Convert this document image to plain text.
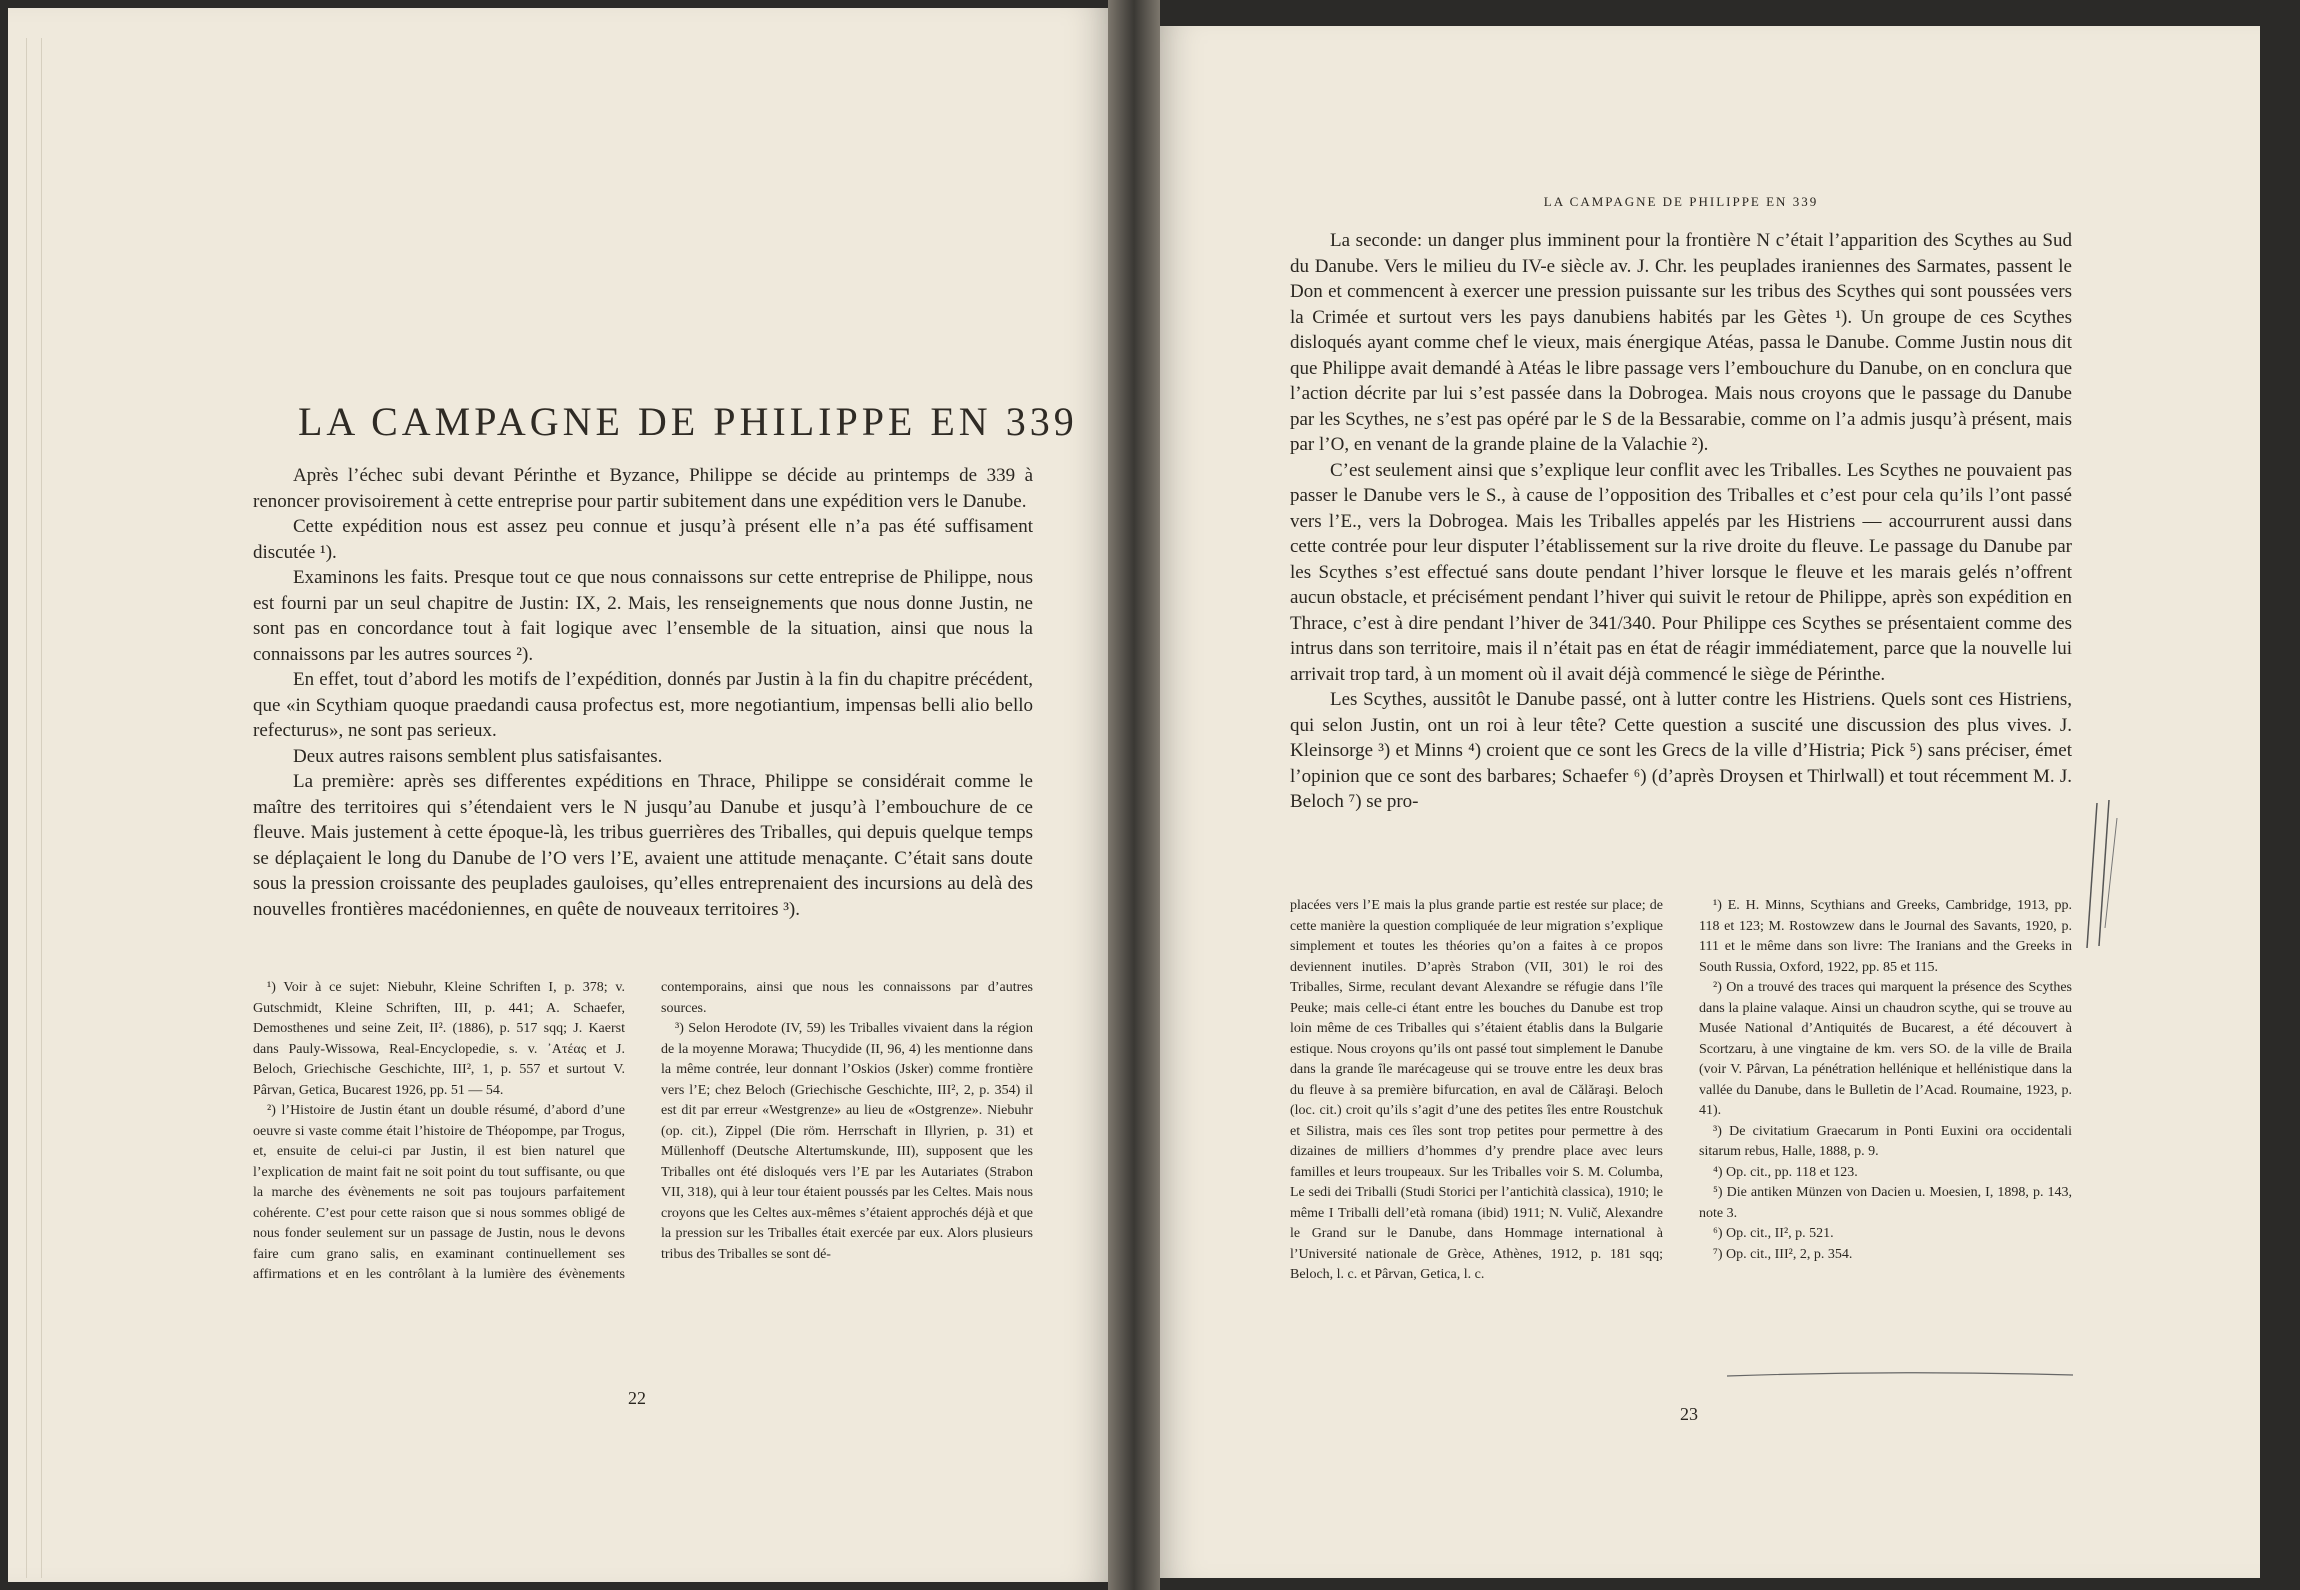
LA CAMPAGNE DE PHILIPPE EN 339

Après l’échec subi devant Périnthe et Byzance, Philippe se décide au printemps de 339 à renoncer provisoirement à cette entreprise pour partir subitement dans une expédition vers le Danube.

Cette expédition nous est assez peu connue et jusqu’à présent elle n’a pas été suffisament discutée ¹).

Examinons les faits. Presque tout ce que nous connaissons sur cette entreprise de Philippe, nous est fourni par un seul chapitre de Justin: IX, 2. Mais, les renseignements que nous donne Justin, ne sont pas en concordance tout à fait logique avec l’ensemble de la situation, ainsi que nous la connaissons par les autres sources ²).

En effet, tout d’abord les motifs de l’expédition, donnés par Justin à la fin du chapitre précédent, que «in Scythiam quoque praedandi causa profectus est, more negotiantium, impensas belli alio bello refecturus», ne sont pas serieux.

Deux autres raisons semblent plus satisfaisantes.

La première: après ses differentes expéditions en Thrace, Philippe se considérait comme le maître des territoires qui s’étendaient vers le N jusqu’au Danube et jusqu’à l’embouchure de ce fleuve. Mais justement à cette époque-là, les tribus guerrières des Triballes, qui depuis quelque temps se déplaçaient le long du Danube de l’O vers l’E, avaient une attitude menaçante. C’était sans doute sous la pression croissante des peuplades gauloises, qu’elles entreprenaient des incursions au delà des nouvelles frontières macédoniennes, en quête de nouveaux territoires ³).

¹) Voir à ce sujet: Niebuhr, Kleine Schriften I, p. 378; v. Gutschmidt, Kleine Schriften, III, p. 441; A. Schaefer, Demosthenes und seine Zeit, II². (1886), p. 517 sqq; J. Kaerst dans Pauly-Wissowa, Real-Encyclopedie, s. v. ᾿Ατέας et J. Beloch, Griechische Geschichte, III², 1, p. 557 et surtout V. Pârvan, Getica, Bucarest 1926, pp. 51 — 54.

²) l’Histoire de Justin étant un double résumé, d’abord d’une oeuvre si vaste comme était l’histoire de Théopompe, par Trogus, et, ensuite de celui-ci par Justin, il est bien naturel que l’explication de maint fait ne soit point du tout suffisante, ou que la marche des évènements ne soit pas toujours parfaitement cohérente. C’est pour cette raison que si nous sommes obligé de nous fonder seulement sur un passage de Justin, nous le devons faire cum grano salis, en examinant continuellement ses affirmations et en les contrôlant à la lumière des évènements contemporains, ainsi que nous les connaissons par d’autres sources.

³) Selon Herodote (IV, 59) les Triballes vivaient dans la région de la moyenne Morawa; Thucydide (II, 96, 4) les mentionne dans la même contrée, leur donnant l’Oskios (Jsker) comme frontière vers l’E; chez Beloch (Griechische Geschichte, III², 2, p. 354) il est dit par erreur «Westgrenze» au lieu de «Ostgrenze». Niebuhr (op. cit.), Zippel (Die röm. Herrschaft in Illyrien, p. 31) et Müllenhoff (Deutsche Altertumskunde, III), supposent que les Triballes ont été disloqués vers l’E par les Autariates (Strabon VII, 318), qui à leur tour étaient poussés par les Celtes. Mais nous croyons que les Celtes aux-mêmes s’étaient approchés déjà et que la pression sur les Triballes était exercée par eux. Alors plusieurs tribus des Triballes se sont dé-

22
LA CAMPAGNE DE PHILIPPE EN 339

La seconde: un danger plus imminent pour la frontière N c’était l’apparition des Scythes au Sud du Danube. Vers le milieu du IV-e siècle av. J. Chr. les peuplades iraniennes des Sarmates, passent le Don et commencent à exercer une pression puissante sur les tribus des Scythes qui sont poussées vers la Crimée et surtout vers les pays danubiens habités par les Gètes ¹). Un groupe de ces Scythes disloqués ayant comme chef le vieux, mais énergique Atéas, passa le Danube. Comme Justin nous dit que Philippe avait demandé à Atéas le libre passage vers l’embouchure du Danube, on en conclura que l’action décrite par lui s’est passée dans la Dobrogea. Mais nous croyons que le passage du Danube par les Scythes, ne s’est pas opéré par le S de la Bessarabie, comme on l’a admis jusqu’à présent, mais par l’O, en venant de la grande plaine de la Valachie ²).

C’est seulement ainsi que s’explique leur conflit avec les Triballes. Les Scythes ne pouvaient pas passer le Danube vers le S., à cause de l’opposition des Triballes et c’est pour cela qu’ils l’ont passé vers l’E., vers la Dobrogea. Mais les Triballes appelés par les Histriens — accourrurent aussi dans cette contrée pour leur disputer l’établissement sur la rive droite du fleuve. Le passage du Danube par les Scythes s’est effectué sans doute pendant l’hiver lorsque le fleuve et les marais gelés n’offrent aucun obstacle, et précisément pendant l’hiver qui suivit le retour de Philippe, après son expédition en Thrace, c’est à dire pendant l’hiver de 341/340. Pour Philippe ces Scythes se présentaient comme des intrus dans son territoire, mais il n’était pas en état de réagir immédiatement, parce que la nouvelle lui arrivait trop tard, à un moment où il avait déjà commencé le siège de Périnthe.

Les Scythes, aussitôt le Danube passé, ont à lutter contre les Histriens. Quels sont ces Histriens, qui selon Justin, ont un roi à leur tête? Cette question a suscité une discussion des plus vives. J. Kleinsorge ³) et Minns ⁴) croient que ce sont les Grecs de la ville d’Histria; Pick ⁵) sans préciser, émet l’opinion que ce sont des barbares; Schaefer ⁶) (d’après Droysen et Thirlwall) et tout récemment M. J. Beloch ⁷) se pro-

placées vers l’E mais la plus grande partie est restée sur place; de cette manière la question compliquée de leur migration s’explique simplement et toutes les théories qu’on a faites à ce propos deviennent inutiles. D’après Strabon (VII, 301) le roi des Triballes, Sirme, reculant devant Alexandre se réfugie dans l’île Peuke; mais celle-ci étant entre les bouches du Danube est trop loin même de ces Triballes qui s’étaient établis dans la Bulgarie estique. Nous croyons qu’ils ont passé tout simplement le Danube dans la grande île marécageuse qui se trouve entre les deux bras du fleuve à sa première bifurcation, en aval de Călăraşi. Beloch (loc. cit.) croit qu’ils s’agit d’une des petites îles entre Roustchuk et Silistra, mais ces îles sont trop petites pour permettre à des dizaines de milliers d’hommes d’y prendre place avec leurs familles et leurs troupeaux. Sur les Triballes voir S. M. Columba, Le sedi dei Triballi (Studi Storici per l’antichità classica), 1910; le même I Triballi dell’età romana (ibid) 1911; N. Vulič, Alexandre le Grand sur le Danube, dans Hommage international à l’Université nationale de Grèce, Athènes, 1912, p. 181 sqq; Beloch, l. c. et Pârvan, Getica, l. c.

¹) E. H. Minns, Scythians and Greeks, Cambridge, 1913, pp. 118 et 123; M. Rostowzew dans le Journal des Savants, 1920, p. 111 et le même dans son livre: The Iranians and the Greeks in South Russia, Oxford, 1922, pp. 85 et 115.

²) On a trouvé des traces qui marquent la présence des Scythes dans la plaine valaque. Ainsi un chaudron scythe, qui se trouve au Musée National d’Antiquités de Bucarest, a été découvert à Scortzaru, à une vingtaine de km. vers SO. de la ville de Braila (voir V. Pârvan, La pénétration hellénique et hellénistique dans la vallée du Danube, dans le Bulletin de l’Acad. Roumaine, 1923, p. 41).

³) De civitatium Graecarum in Ponti Euxini ora occidentali sitarum rebus, Halle, 1888, p. 9.

⁴) Op. cit., pp. 118 et 123.

⁵) Die antiken Münzen von Dacien u. Moesien, I, 1898, p. 143, note 3.

⁶) Op. cit., II², p. 521.

⁷) Op. cit., III², 2, p. 354.

23
